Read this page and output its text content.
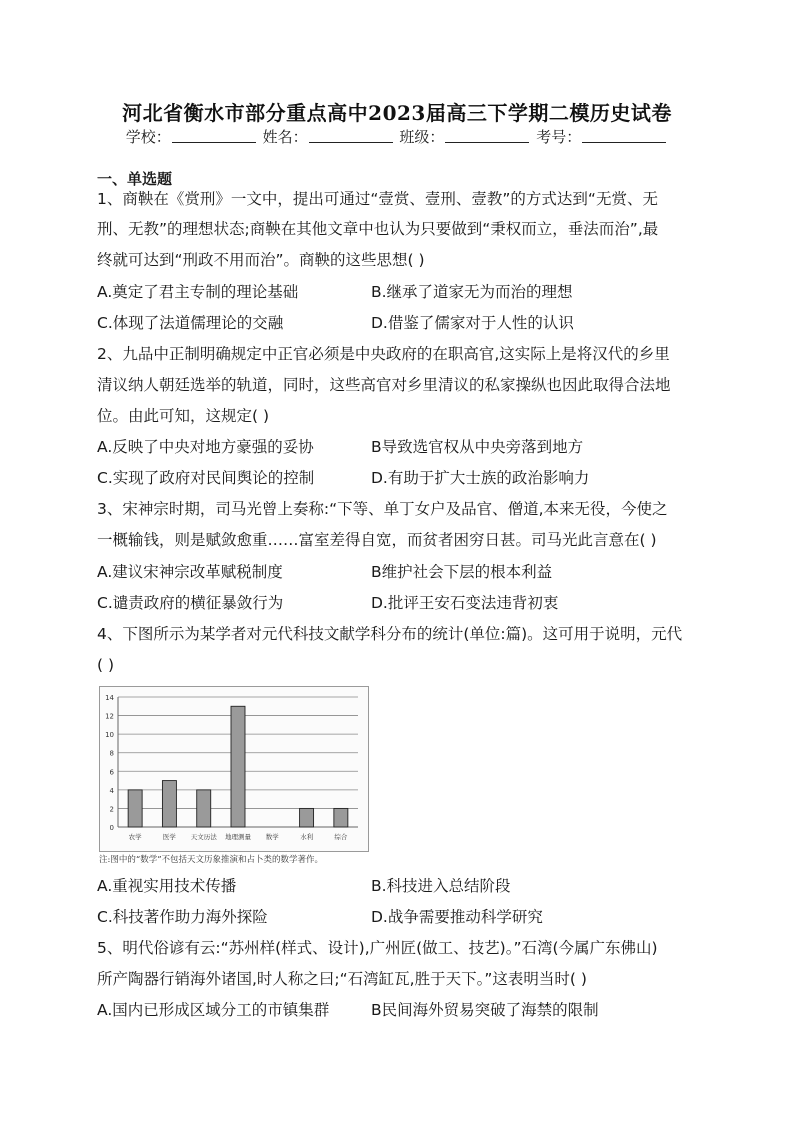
河北省衡水市部分重点高中2023届高三下学期二模历史试卷
学校：	姓名：	班级：	考号：
一、单选题
1、商鞅在《赏刑》一文中，提出可通过“壹赏、壹刑、壹教”的方式达到“无赏、无
刑、无教”的理想状态;商鞅在其他文章中也认为只要做到“秉权而立，垂法而治”,最
终就可达到“刑政不用而治”。商鞅的这些思想( )
A.奠定了君主专制的理论基础	B.继承了道家无为而治的理想
C.体现了法道儒理论的交融	D.借鉴了儒家对于人性的认识
2、九品中正制明确规定中正官必须是中央政府的在职高官,这实际上是将汉代的乡里
清议纳人朝廷选举的轨道，同时，这些高官对乡里清议的私家操纵也因此取得合法地
位。由此可知，这规定( )
A.反映了中央对地方豪强的妥协	B导致选官权从中央旁落到地方
C.实现了政府对民间舆论的控制	D.有助于扩大士族的政治影响力
3、宋神宗时期，司马光曾上奏称:“下等、单丁女户及品官、僧道,本来无役，今使之
一概输钱，则是赋敛愈重……富室差得自宽，而贫者困穷日甚。司马光此言意在( )
A.建议宋神宗改革赋税制度	B维护社会下层的根本利益
C.谴责政府的横征暴敛行为	D.批评王安石变法违背初衷
4、下图所示为某学者对元代科技文献学科分布的统计(单位:篇)。这可用于说明，元代
( )
0
2
4
6
8
10
12
14
农学	医学 天文历法 地理测量 数学	水利	综合
注:图中的“数学”不包括天文历象推演和占卜类的数学著作。
A.重视实用技术传播	B.科技进入总结阶段
C.科技著作助力海外探险	D.战争需要推动科学研究
5、明代俗谚有云:“苏州样(样式、设计),广州匠(做工、技艺)。”石湾(今属广东佛山)
所产陶器行销海外诸国,时人称之曰;“石湾缸瓦,胜于天下。”这表明当时( )
A.国内已形成区域分工的市镇集群	B民间海外贸易突破了海禁的限制
